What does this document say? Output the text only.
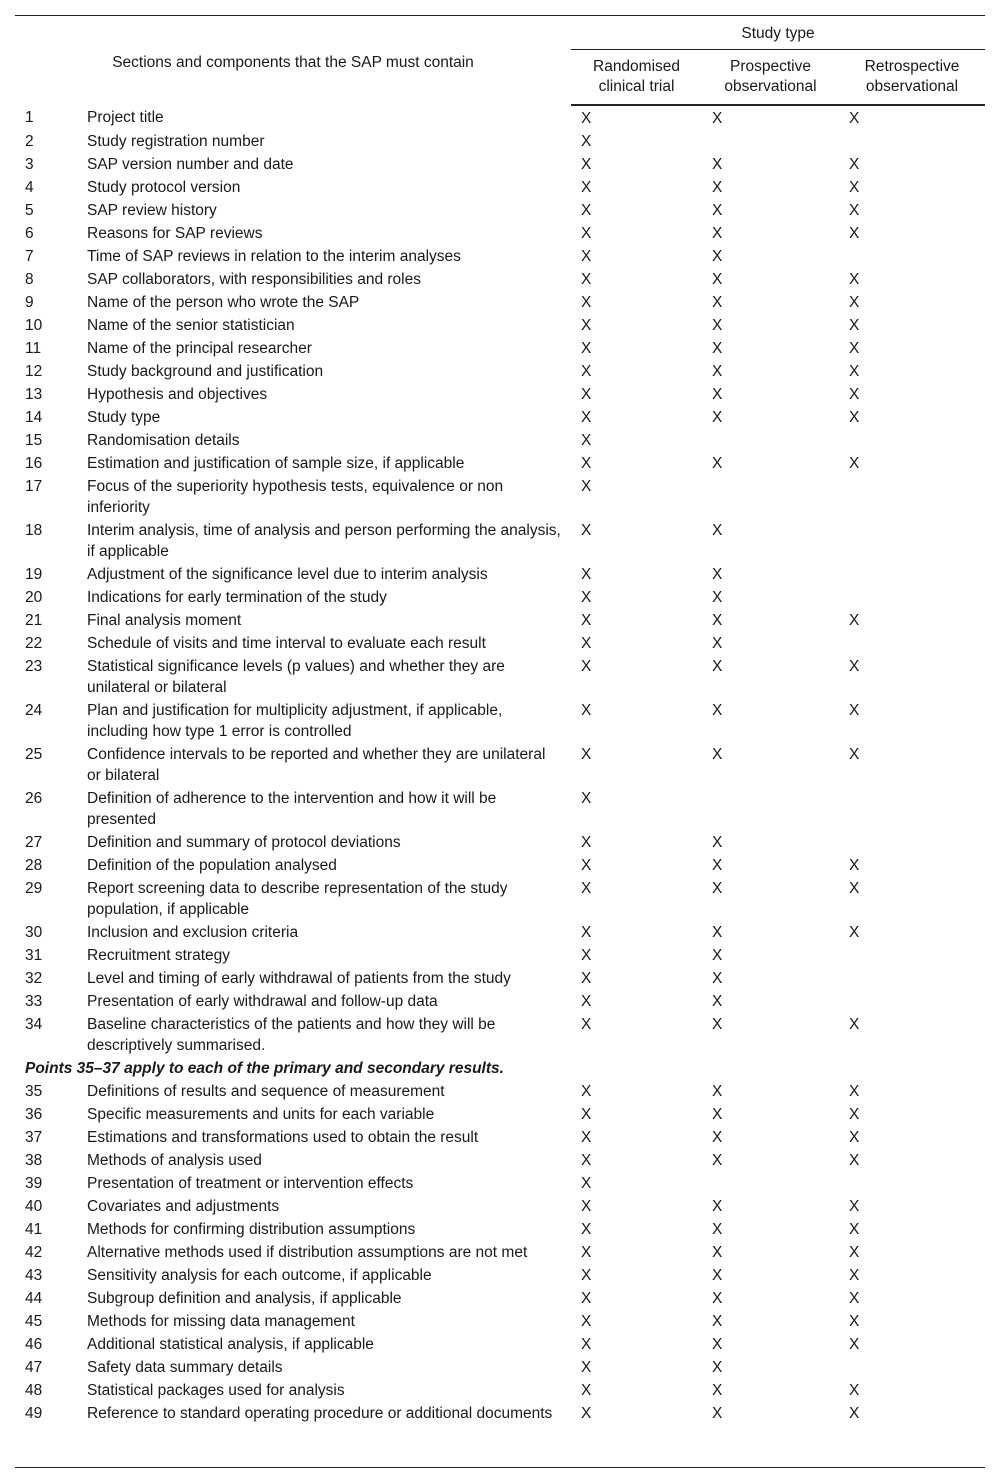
Sections and components that the SAP must contain		Study type		
		Randomised clinical trial	Prospective observational	Retrospective observational
1	Project title	X	X	X
2	Study registration number	X		
3	SAP version number and date	X	X	X
4	Study protocol version	X	X	X
5	SAP review history	X	X	X
6	Reasons for SAP reviews	X	X	X
7	Time of SAP reviews in relation to the interim analyses	X	X	
8	SAP collaborators, with responsibilities and roles	X	X	X
9	Name of the person who wrote the SAP	X	X	X
10	Name of the senior statistician	X	X	X
11	Name of the principal researcher	X	X	X
12	Study background and justification	X	X	X
13	Hypothesis and objectives	X	X	X
14	Study type	X	X	X
15	Randomisation details	X		
16	Estimation and justification of sample size, if applicable	X	X	X
17	Focus of the superiority hypothesis tests, equivalence or non inferiority	X		
18	Interim analysis, time of analysis and person performing the analysis, if applicable	X	X	
19	Adjustment of the significance level due to interim analysis	X	X	
20	Indications for early termination of the study	X	X	
21	Final analysis moment	X	X	X
22	Schedule of visits and time interval to evaluate each result	X	X	
23	Statistical significance levels (p values) and whether they are unilateral or bilateral	X	X	X
24	Plan and justification for multiplicity adjustment, if applicable, including how type 1 error is controlled	X	X	X
25	Confidence intervals to be reported and whether they are unilateral or bilateral	X	X	X
26	Definition of adherence to the intervention and how it will be presented	X		
27	Definition and summary of protocol deviations	X	X	
28	Definition of the population analysed	X	X	X
29	Report screening data to describe representation of the study population, if applicable	X	X	X
30	Inclusion and exclusion criteria	X	X	X
31	Recruitment strategy	X	X	
32	Level and timing of early withdrawal of patients from the study	X	X	
33	Presentation of early withdrawal and follow-up data	X	X	
34	Baseline characteristics of the patients and how they will be descriptively summarised.	X	X	X
Points 35–37 apply to each of the primary and secondary results.				
35	Definitions of results and sequence of measurement	X	X	X
36	Specific measurements and units for each variable	X	X	X
37	Estimations and transformations used to obtain the result	X	X	X
38	Methods of analysis used	X	X	X
39	Presentation of treatment or intervention effects	X		
40	Covariates and adjustments	X	X	X
41	Methods for confirming distribution assumptions	X	X	X
42	Alternative methods used if distribution assumptions are not met	X	X	X
43	Sensitivity analysis for each outcome, if applicable	X	X	X
44	Subgroup definition and analysis, if applicable	X	X	X
45	Methods for missing data management	X	X	X
46	Additional statistical analysis, if applicable	X	X	X
47	Safety data summary details	X	X	
48	Statistical packages used for analysis	X	X	X
49	Reference to standard operating procedure or additional documents	X	X	X
